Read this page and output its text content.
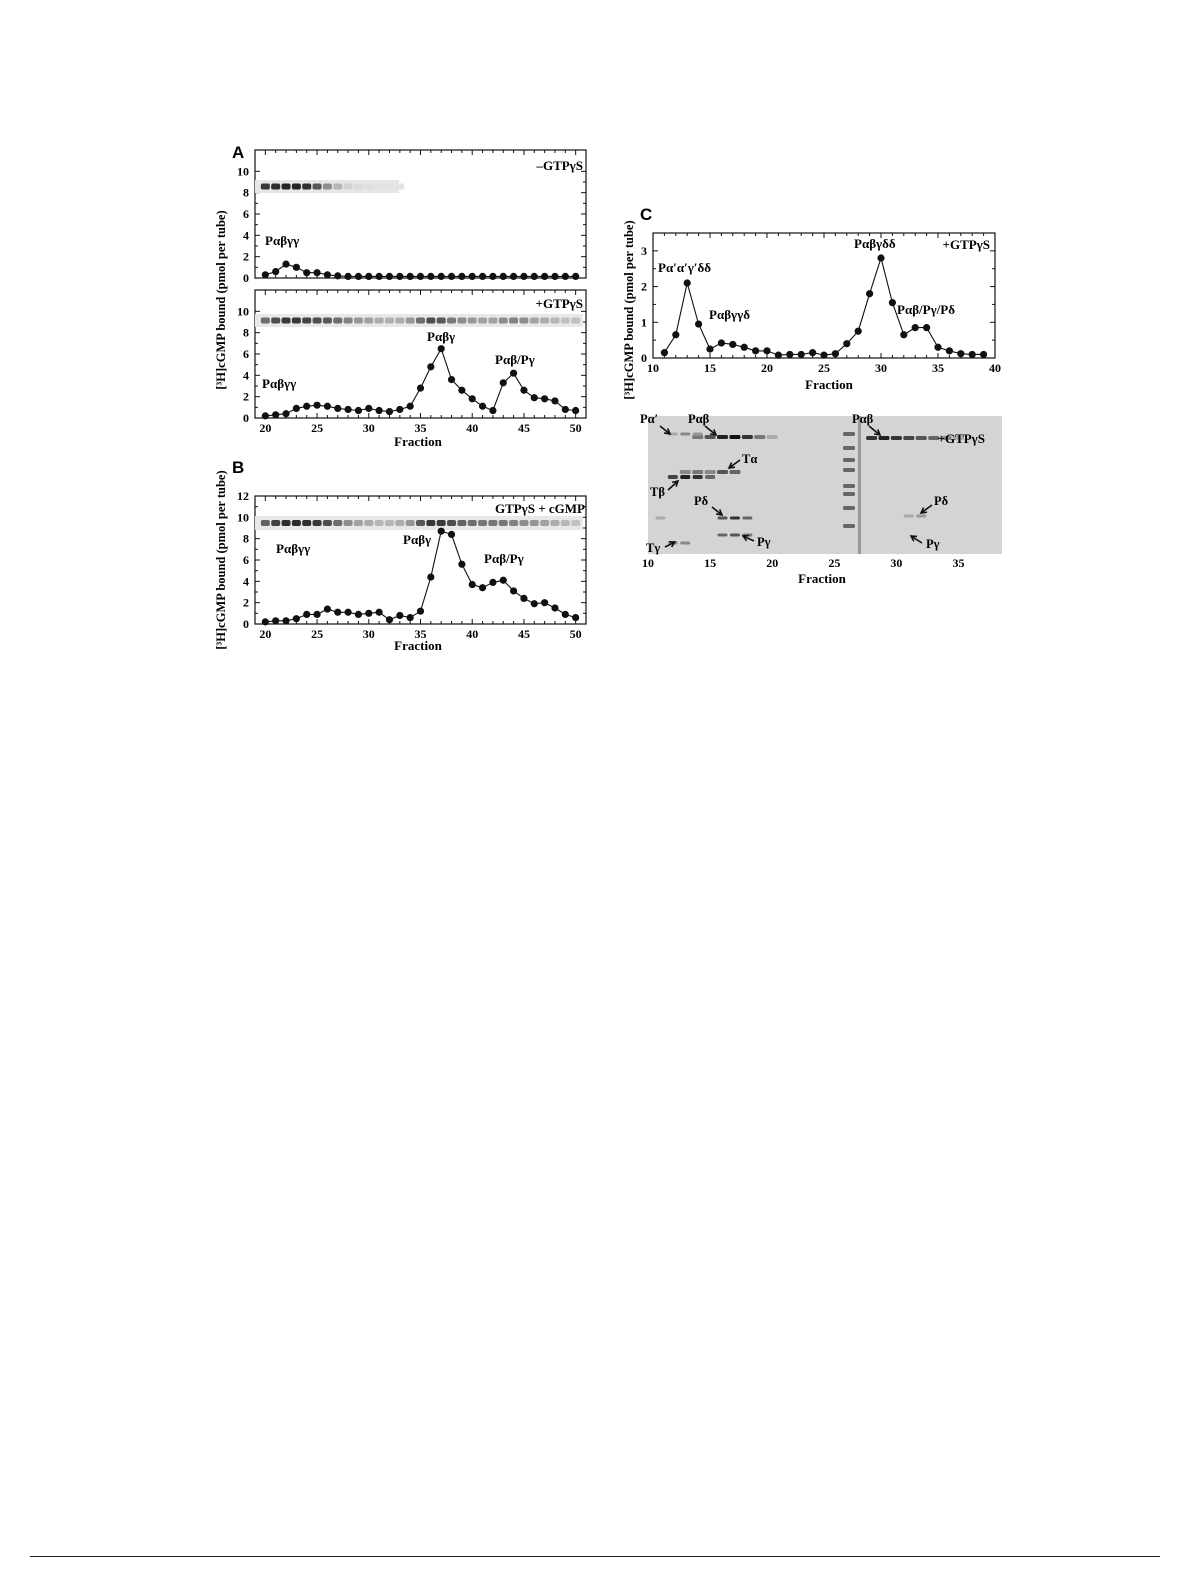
A
B
C
0
2
4
6
8
10	–GTPγS
Pαβγγ
20	25	30	35	40	45	50
0
2
4
6
8
10
+GTPγS
Pαβγγ
Pαβγ
Pαβ/Pγ
Fraction
[³H]cGMP bound (pmol per tube)
20	25	30	35	40	45	50
0
2
4
6
8
10
12
GTPγS + cGMP
Pαβγγ
Pαβγ
Pαβ/Pγ
Fraction
[³H]cGMP bound (pmol per tube)
10	15	20	25	30	35	40
0
1
2
3	+GTPγS
Pα′α′γ′δδ
Pαβγγδ
Pαβγδδ
Pαβ/Pγ/Pδ
Fraction
[³H]cGMP bound (pmol per tube)
+GTPγS
Pα′ Pαβ
Tα
Tβ
Pδ
Pγ
Tγ
Pαβ
Pδ
Pγ
10	15	20	25	30	35
Fraction
